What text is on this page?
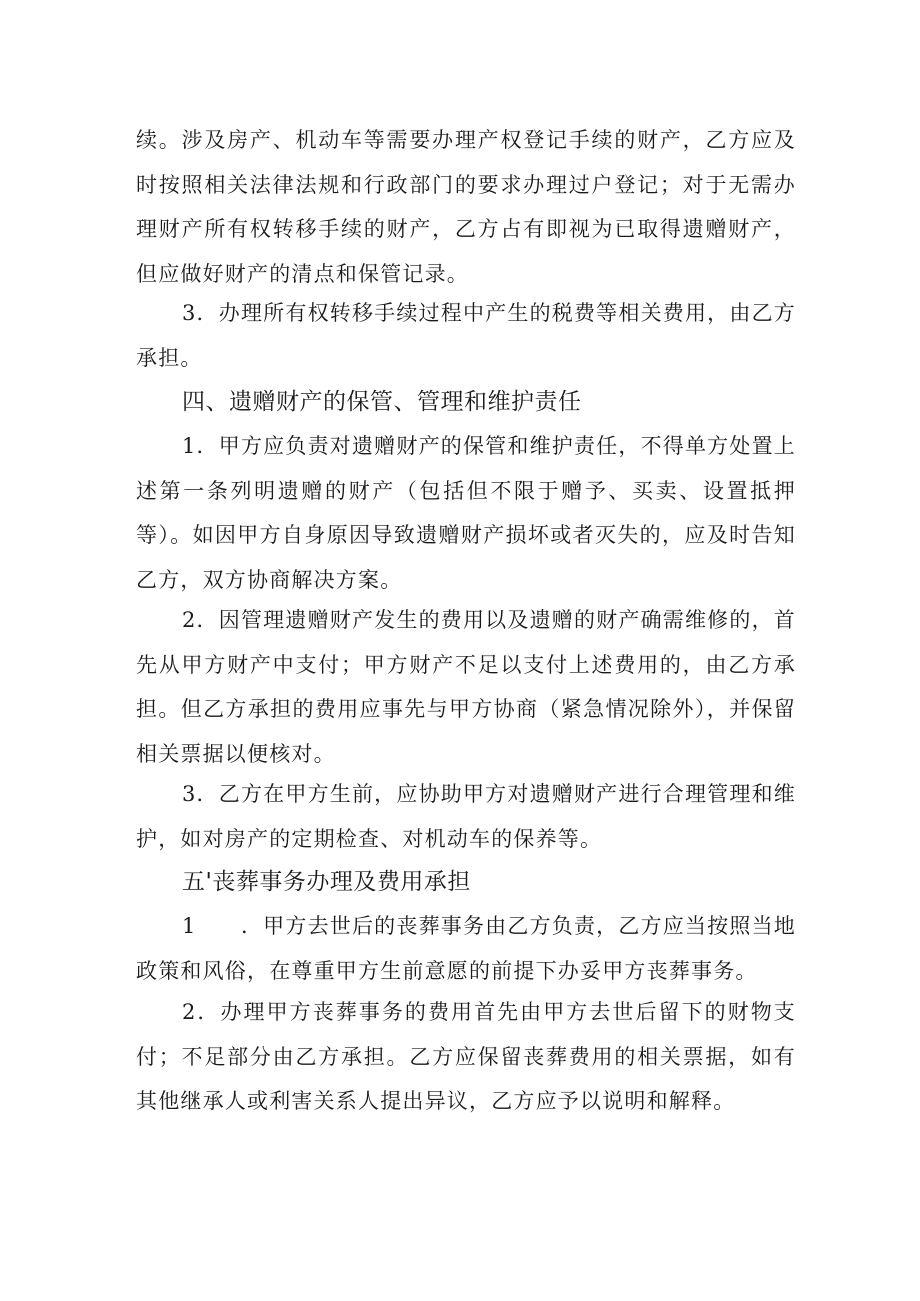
续。涉及房产、机动车等需要办理产权登记手续的财产，乙方应及时按照相关法律法规和行政部门的要求办理过户登记；对于无需办理财产所有权转移手续的财产，乙方占有即视为已取得遗赠财产，但应做好财产的清点和保管记录。

3．办理所有权转移手续过程中产生的税费等相关费用，由乙方承担。

四、遗赠财产的保管、管理和维护责任

1．甲方应负责对遗赠财产的保管和维护责任，不得单方处置上述第一条列明遗赠的财产（包括但不限于赠予、买卖、设置抵押等）。如因甲方自身原因导致遗赠财产损坏或者灭失的，应及时告知乙方，双方协商解决方案。

2．因管理遗赠财产发生的费用以及遗赠的财产确需维修的，首先从甲方财产中支付；甲方财产不足以支付上述费用的，由乙方承担。但乙方承担的费用应事先与甲方协商（紧急情况除外），并保留相关票据以便核对。

3．乙方在甲方生前，应协助甲方对遗赠财产进行合理管理和维护，如对房产的定期检查、对机动车的保养等。

五'丧葬事务办理及费用承担

1　　．甲方去世后的丧葬事务由乙方负责，乙方应当按照当地政策和风俗，在尊重甲方生前意愿的前提下办妥甲方丧葬事务。

2．办理甲方丧葬事务的费用首先由甲方去世后留下的财物支付；不足部分由乙方承担。乙方应保留丧葬费用的相关票据，如有其他继承人或利害关系人提出异议，乙方应予以说明和解释。
